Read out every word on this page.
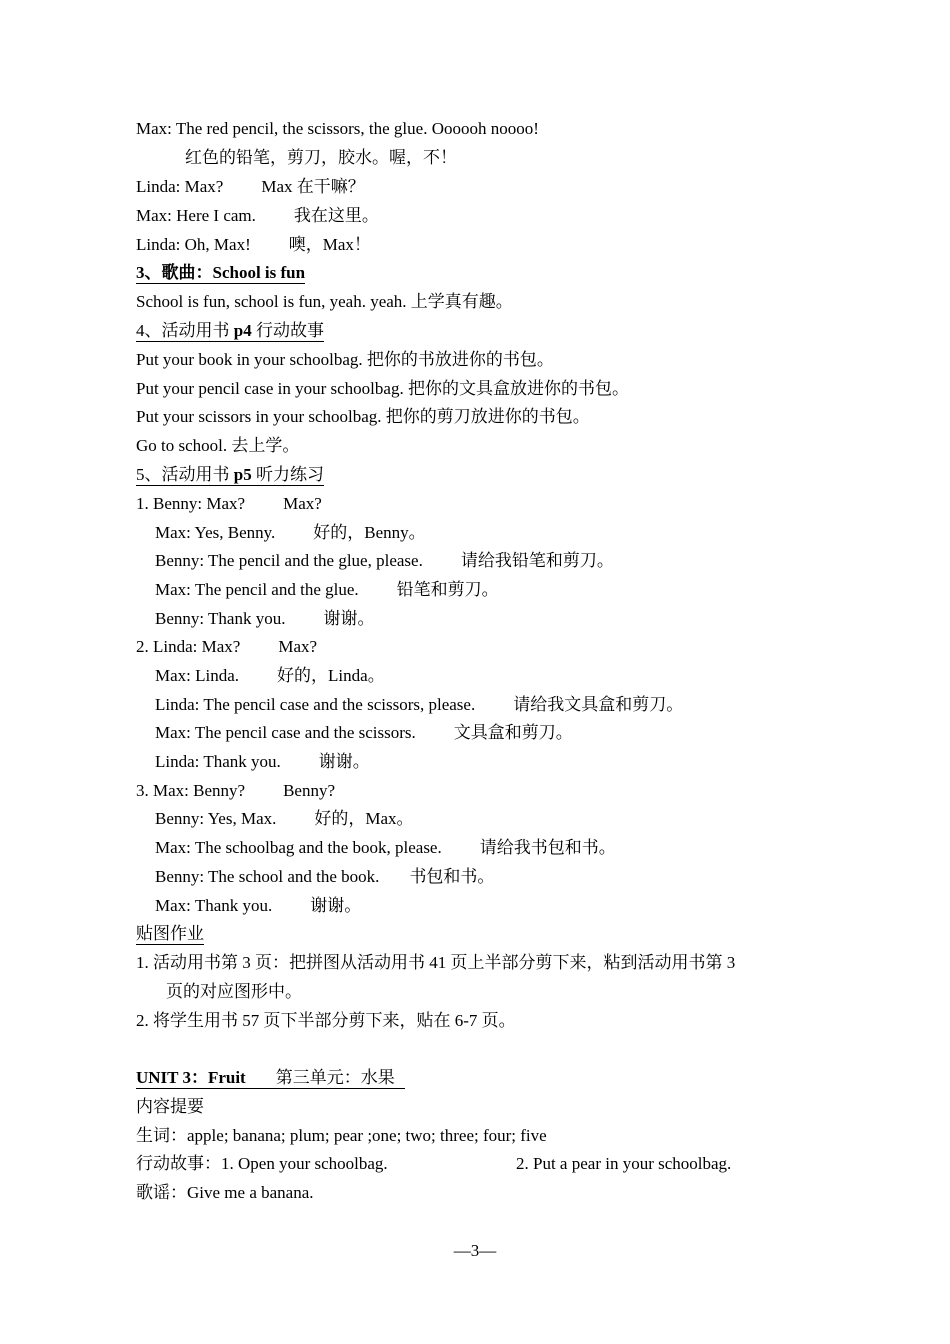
Max: The red pencil, the scissors, the glue. Oooooh noooo!
红色的铅笔，剪刀，胶水。喔，不！
Linda: Max? Max 在干嘛？
Max: Here I cam. 我在这里。
Linda: Oh, Max! 噢，Max！
3、歌曲：School is fun
School is fun, school is fun, yeah. yeah. 上学真有趣。
4、活动用书 p4 行动故事
Put your book in your schoolbag. 把你的书放进你的书包。
Put your pencil case in your schoolbag. 把你的文具盒放进你的书包。
Put your scissors in your schoolbag. 把你的剪刀放进你的书包。
Go to school. 去上学。
5、活动用书 p5 听力练习
1. Benny: Max? Max?
Max: Yes, Benny. 好的，Benny。
Benny: The pencil and the glue, please. 请给我铅笔和剪刀。
Max: The pencil and the glue. 铅笔和剪刀。
Benny: Thank you. 谢谢。
2. Linda: Max? Max?
Max: Linda. 好的，Linda。
Linda: The pencil case and the scissors, please. 请给我文具盒和剪刀。
Max: The pencil case and the scissors. 文具盒和剪刀。
Linda: Thank you. 谢谢。
3. Max: Benny? Benny?
Benny: Yes, Max. 好的，Max。
Max: The schoolbag and the book, please. 请给我书包和书。
Benny: The school and the book. 书包和书。
Max: Thank you. 谢谢。
贴图作业
1. 活动用书第 3 页：把拼图从活动用书 41 页上半部分剪下来，粘到活动用书第 3
页的对应图形中。
2. 将学生用书 57 页下半部分剪下来，贴在 6-7 页。
UNIT 3：Fruit 第三单元：水果
内容提要
生词：apple; banana; plum; pear ;one; two; three; four; five
行动故事：1. Open your schoolbag.	2. Put a pear in your schoolbag.
歌谣：Give me a banana.
—3—
